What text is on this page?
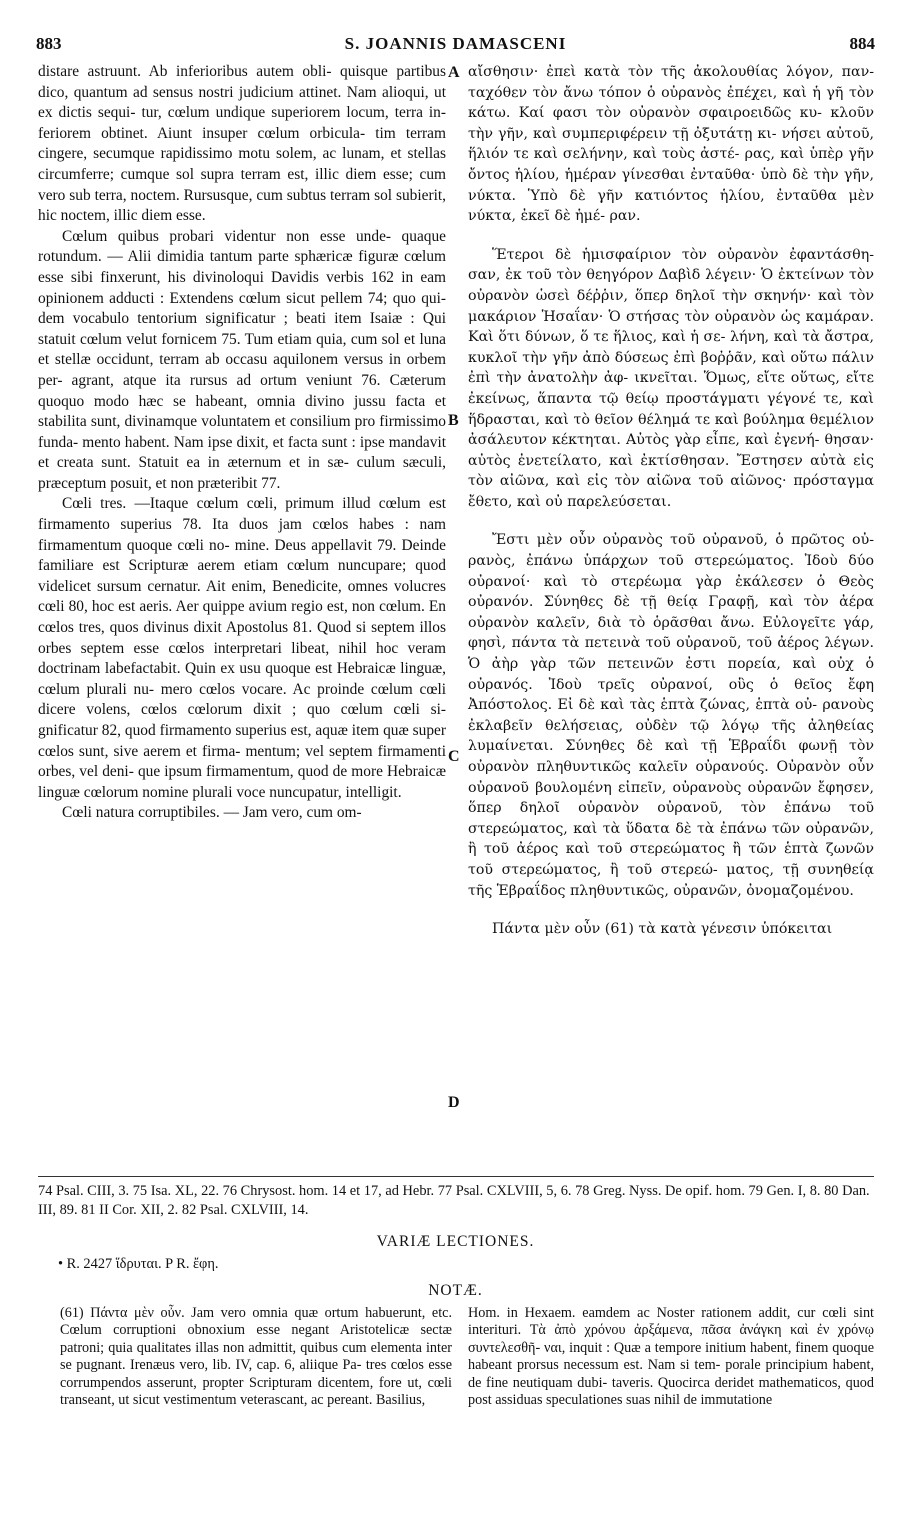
883	S. JOANNIS DAMASCENI	884

distare astruunt. Ab inferioribus autem obli- quisque partibus dico, quantum ad sensus nostri judicium attinet. Nam alioqui, ut ex dictis sequi- tur, cœlum undique superiorem locum, terra in- feriorem obtinet. Aiunt insuper cœlum orbicula- tim terram cingere, secumque rapidissimo motu solem, ac lunam, et stellas circumferre; cumque sol supra terram est, illic diem esse; cum vero sub terra, noctem. Rursusque, cum subtus terram sol subierit, hic noctem, illic diem esse.

Cœlum quibus probari videntur non esse unde- quaque rotundum. — Alii dimidia tantum parte sphæricæ figuræ cœlum esse sibi finxerunt, his divinoloqui Davidis verbis 162 in eam opinionem adducti : Extendens cœlum sicut pellem 74; quo qui- dem vocabulo tentorium significatur ; beati item Isaiæ : Qui statuit cœlum velut fornicem 75. Tum etiam quia, cum sol et luna et stellæ occidunt, terram ab occasu aquilonem versus in orbem per- agrant, atque ita rursus ad ortum veniunt 76. Cæterum quoquo modo hæc se habeant, omnia divino jussu facta et stabilita sunt, divinamque voluntatem et consilium pro firmissimo funda- mento habent. Nam ipse dixit, et facta sunt : ipse mandavit et creata sunt. Statuit ea in æternum et in sæ- culum sæculi, præceptum posuit, et non præteribit 77.

Cœli tres. —Itaque cœlum cœli, primum illud cœlum est firmamento superius 78. Ita duos jam cœlos habes : nam firmamentum quoque cœli no- mine. Deus appellavit 79. Deinde familiare est Scripturæ aerem etiam cœlum nuncupare; quod videlicet sursum cernatur. Ait enim, Benedicite, omnes volucres cœli 80, hoc est aeris. Aer quippe avium regio est, non cœlum. En cœlos tres, quos divinus dixit Apostolus 81. Quod si septem illos orbes septem esse cœlos interpretari libeat, nihil hoc veram doctrinam labefactabit. Quin ex usu quoque est Hebraicæ linguæ, cœlum plurali nu- mero cœlos vocare. Ac proinde cœlum cœli dicere volens, cœlos cœlorum dixit ; quo cœlum cœli si- gnificatur 82, quod firmamento superius est, aquæ item quæ super cœlos sunt, sive aerem et firma- mentum; vel septem firmamenti orbes, vel deni- que ipsum firmamentum, quod de more Hebraicæ linguæ cœlorum nomine plurali voce nuncupatur, intelligit.

Cœli natura corruptibiles. — Jam vero, cum om-

A
B
C
D

αἴσθησιν· ἐπεὶ κατὰ τὸν τῆς ἀκολουθίας λόγον, παν- ταχόθεν τὸν ἄνω τόπον ὁ οὐρανὸς ἐπέχει, καὶ ἡ γῆ τὸν κάτω. Καί φασι τὸν οὐρανὸν σφαιροειδῶς κυ- κλοῦν τὴν γῆν, καὶ συμπεριφέρειν τῇ ὀξυτάτῃ κι- νήσει αὐτοῦ, ἥλιόν τε καὶ σελήνην, καὶ τοὺς ἀστέ- ρας, καὶ ὑπὲρ γῆν ὄντος ἡλίου, ἡμέραν γίνεσθαι ἐνταῦθα· ὑπὸ δὲ τὴν γῆν, νύκτα. Ὑπὸ δὲ γῆν κατιόντος ἡλίου, ἐνταῦθα μὲν νύκτα, ἐκεῖ δὲ ἡμέ- ραν.

Ἕτεροι δὲ ἡμισφαίριον τὸν οὐρανὸν ἐφαντάσθη- σαν, ἐκ τοῦ τὸν θεηγόρον Δαβὶδ λέγειν· Ὁ ἐκτείνων τὸν οὐρανὸν ὡσεὶ δέῤῥιν, ὅπερ δηλοῖ τὴν σκηνήν· καὶ τὸν μακάριον Ἡσαΐαν· Ὁ στήσας τὸν οὐρανὸν ὡς καμάραν. Καὶ ὅτι δύνων, ὅ τε ἥλιος, καὶ ἡ σε- λήνη, καὶ τὰ ἄστρα, κυκλοῖ τὴν γῆν ἀπὸ δύσεως ἐπὶ βοῤῥᾶν, καὶ οὕτω πάλιν ἐπὶ τὴν ἀνατολὴν ἀφ- ικνεῖται. Ὅμως, εἴτε οὕτως, εἴτε ἐκείνως, ἅπαντα τῷ θείῳ προστάγματι γέγονέ τε, καὶ ἥδρασται, καὶ τὸ θεῖον θέλημά τε καὶ βούλημα θεμέλιον ἀσάλευτον κέκτηται. Αὐτὸς γὰρ εἶπε, καὶ ἐγενή- θησαν· αὐτὸς ἐνετείλατο, καὶ ἐκτίσθησαν. Ἔστησεν αὐτὰ εἰς τὸν αἰῶνα, καὶ εἰς τὸν αἰῶνα τοῦ αἰῶνος· πρόσταγμα ἔθετο, καὶ οὐ παρελεύσεται.

Ἔστι μὲν οὖν οὐρανὸς τοῦ οὐρανοῦ, ὁ πρῶτος οὐ- ρανὸς, ἐπάνω ὑπάρχων τοῦ στερεώματος. Ἰδοὺ δύο οὐρανοί· καὶ τὸ στερέωμα γὰρ ἐκάλεσεν ὁ Θεὸς οὐρανόν. Σύνηθες δὲ τῇ θείᾳ Γραφῇ, καὶ τὸν ἀέρα οὐρανὸν καλεῖν, διὰ τὸ ὁρᾶσθαι ἄνω. Εὐλογεῖτε γάρ, φησὶ, πάντα τὰ πετεινὰ τοῦ οὐρανοῦ, τοῦ ἀέρος λέγων. Ὁ ἀὴρ γὰρ τῶν πετεινῶν ἐστι πορεία, καὶ οὐχ ὁ οὐρανός. Ἰδοὺ τρεῖς οὐρανοί, οὓς ὁ θεῖος ἔφη Ἀπόστολος. Εἰ δὲ καὶ τὰς ἑπτὰ ζώνας, ἑπτὰ οὐ- ρανοὺς ἐκλαβεῖν θελήσειας, οὐδὲν τῷ λόγῳ τῆς ἀληθείας λυμαίνεται. Σύνηθες δὲ καὶ τῇ Ἑβραΐδι φωνῇ τὸν οὐρανὸν πληθυντικῶς καλεῖν οὐρανούς. Οὐρανὸν οὖν οὐρανοῦ βουλομένη εἰπεῖν, οὐρανοὺς οὐρανῶν ἔφησεν, ὅπερ δηλοῖ οὐρανὸν οὐρανοῦ, τὸν ἐπάνω τοῦ στερεώματος, καὶ τὰ ὕδατα δὲ τὰ ἐπάνω τῶν οὐρανῶν, ἢ τοῦ ἀέρος καὶ τοῦ στερεώματος ἢ τῶν ἑπτὰ ζωνῶν τοῦ στερεώματος, ἢ τοῦ στερεώ- ματος, τῇ συνηθείᾳ τῆς Ἑβραΐδος πληθυντικῶς, οὐρανῶν, ὀνομαζομένου.

Πάντα μὲν οὖν (61) τὰ κατὰ γένεσιν ὑπόκειται

74 Psal. CIII, 3. 75 Isa. XL, 22. 76 Chrysost. hom. 14 et 17, ad Hebr. 77 Psal. CXLVIII, 5, 6. 78 Greg. Nyss. De opif. hom. 79 Gen. I, 8. 80 Dan. III, 89. 81 II Cor. XII, 2. 82 Psal. CXLVIII, 14.
VARIÆ LECTIONES.
• R. 2427 ἵδρυται. P R. ἔφη.
NOTÆ.

(61) Πάντα μὲν οὖν. Jam vero omnia quæ ortum habuerunt, etc. Cœlum corruptioni obnoxium esse negant Aristotelicæ sectæ patroni; quia qualitates illas non admittit, quibus cum elementa inter se pugnant. Irenæus vero, lib. IV, cap. 6, aliique Pa- tres cœlos esse corrumpendos asserunt, propter Scripturam dicentem, fore ut, cœli transeant, ut sicut vestimentum veterascant, ac pereant. Basilius,

Hom. in Hexaem. eamdem ac Noster rationem addit, cur cœli sint interituri. Τὰ ἀπὸ χρόνου ἀρξάμενα, πᾶσα ἀνάγκη καὶ ἐν χρόνῳ συντελεσθῆ- ναι, inquit : Quæ a tempore initium habent, finem quoque habeant prorsus necessum est. Nam si tem- porale principium habent, de fine neutiquam dubi- taveris. Quocirca deridet mathematicos, quod post assiduas speculationes suas nihil de immutatione
